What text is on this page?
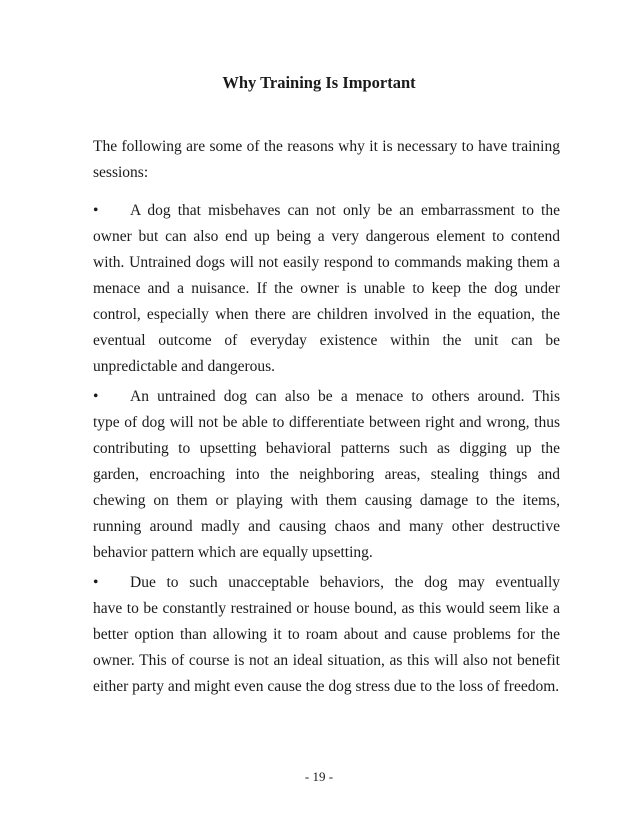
Why Training Is Important

The following are some of the reasons why it is necessary to have training sessions:

•	A dog that misbehaves can not only be an embarrassment to the

owner but can also end up being a very dangerous element to contend with. Untrained dogs will not easily respond to commands making them a menace and a nuisance. If the owner is unable to keep the dog under control, especially when there are children involved in the equation, the eventual outcome of everyday existence within the unit can be unpredictable and dangerous.

•	An untrained dog can also be a menace to others around. This

type of dog will not be able to differentiate between right and wrong, thus contributing to upsetting behavioral patterns such as digging up the garden, encroaching into the neighboring areas, stealing things and chewing on them or playing with them causing damage to the items, running around madly and causing chaos and many other destructive behavior pattern which are equally upsetting.

•	Due to such unacceptable behaviors, the dog may eventually

have to be constantly restrained or house bound, as this would seem like a better option than allowing it to roam about and cause problems for the owner. This of course is not an ideal situation, as this will also not benefit either party and might even cause the dog stress due to the loss of freedom.

- 19 -
